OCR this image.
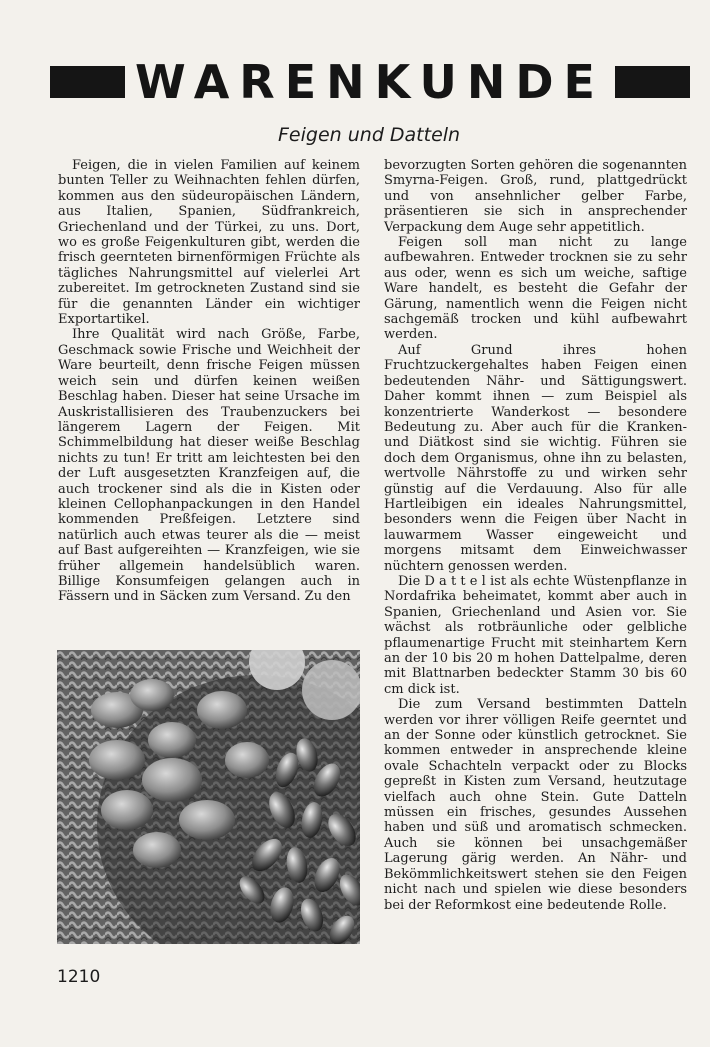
WARENKUNDE
Feigen und Datteln

Feigen, die in vielen Familien auf keinem bunten Teller zu Weihnachten fehlen dürfen, kommen aus den südeuropäischen Ländern, aus Italien, Spanien, Südfrankreich, Griechenland und der Türkei, zu uns. Dort, wo es große Feigenkulturen gibt, werden die frisch geernteten birnenförmigen Früchte als tägliches Nahrungsmittel auf vielerlei Art zubereitet. Im getrockneten Zustand sind sie für die genannten Länder ein wichtiger Exportartikel.

Ihre Qualität wird nach Größe, Farbe, Geschmack sowie Frische und Weichheit der Ware beurteilt, denn frische Feigen müssen weich sein und dürfen keinen weißen Beschlag haben. Dieser hat seine Ursache im Auskristallisieren des Traubenzuckers bei längerem Lagern der Feigen. Mit Schimmelbildung hat dieser weiße Beschlag nichts zu tun! Er tritt am leichtesten bei den der Luft ausgesetzten Kranzfeigen auf, die auch trockener sind als die in Kisten oder kleinen Cellophanpackungen in den Handel kommenden Preßfeigen. Letztere sind natürlich auch etwas teurer als die — meist auf Bast aufgereihten — Kranzfeigen, wie sie früher allgemein handelsüblich waren. Billige Konsumfeigen gelangen auch in Fässern und in Säcken zum Versand. Zu den

bevorzugten Sorten gehören die sogenannten Smyrna-Feigen. Groß, rund, plattgedrückt und von ansehnlicher gelber Farbe, präsentieren sie sich in ansprechender Verpackung dem Auge sehr appetitlich.

Feigen soll man nicht zu lange aufbewahren. Entweder trocknen sie zu sehr aus oder, wenn es sich um weiche, saftige Ware handelt, es besteht die Gefahr der Gärung, namentlich wenn die Feigen nicht sachgemäß trocken und kühl aufbewahrt werden.

Auf Grund ihres hohen Fruchtzuckergehaltes haben Feigen einen bedeutenden Nähr- und Sättigungswert. Daher kommt ihnen — zum Beispiel als konzentrierte Wanderkost — besondere Bedeutung zu. Aber auch für die Kranken- und Diätkost sind sie wichtig. Führen sie doch dem Organismus, ohne ihn zu belasten, wertvolle Nährstoffe zu und wirken sehr günstig auf die Verdauung. Also für alle Hartleibigen ein ideales Nahrungsmittel, besonders wenn die Feigen über Nacht in lauwarmem Wasser eingeweicht und morgens mitsamt dem Einweichwasser nüchtern genossen werden.

Die D a t t e l ist als echte Wüstenpflanze in Nordafrika beheimatet, kommt aber auch in Spanien, Griechenland und Asien vor. Sie wächst als rotbräunliche oder gelbliche pflaumenartige Frucht mit steinhartem Kern an der 10 bis 20 m hohen Dattelpalme, deren mit Blattnarben bedeckter Stamm 30 bis 60 cm dick ist.

Die zum Versand bestimmten Datteln werden vor ihrer völligen Reife geerntet und an der Sonne oder künstlich getrocknet. Sie kommen entweder in ansprechende kleine ovale Schachteln verpackt oder zu Blocks gepreßt in Kisten zum Versand, heutzutage vielfach auch ohne Stein. Gute Datteln müssen ein frisches, gesundes Aussehen haben und süß und aromatisch schmecken. Auch sie können bei unsachgemäßer Lagerung gärig werden. An Nähr- und Bekömmlichkeitswert stehen sie den Feigen nicht nach und spielen wie diese besonders bei der Reformkost eine bedeutende Rolle.

1210
